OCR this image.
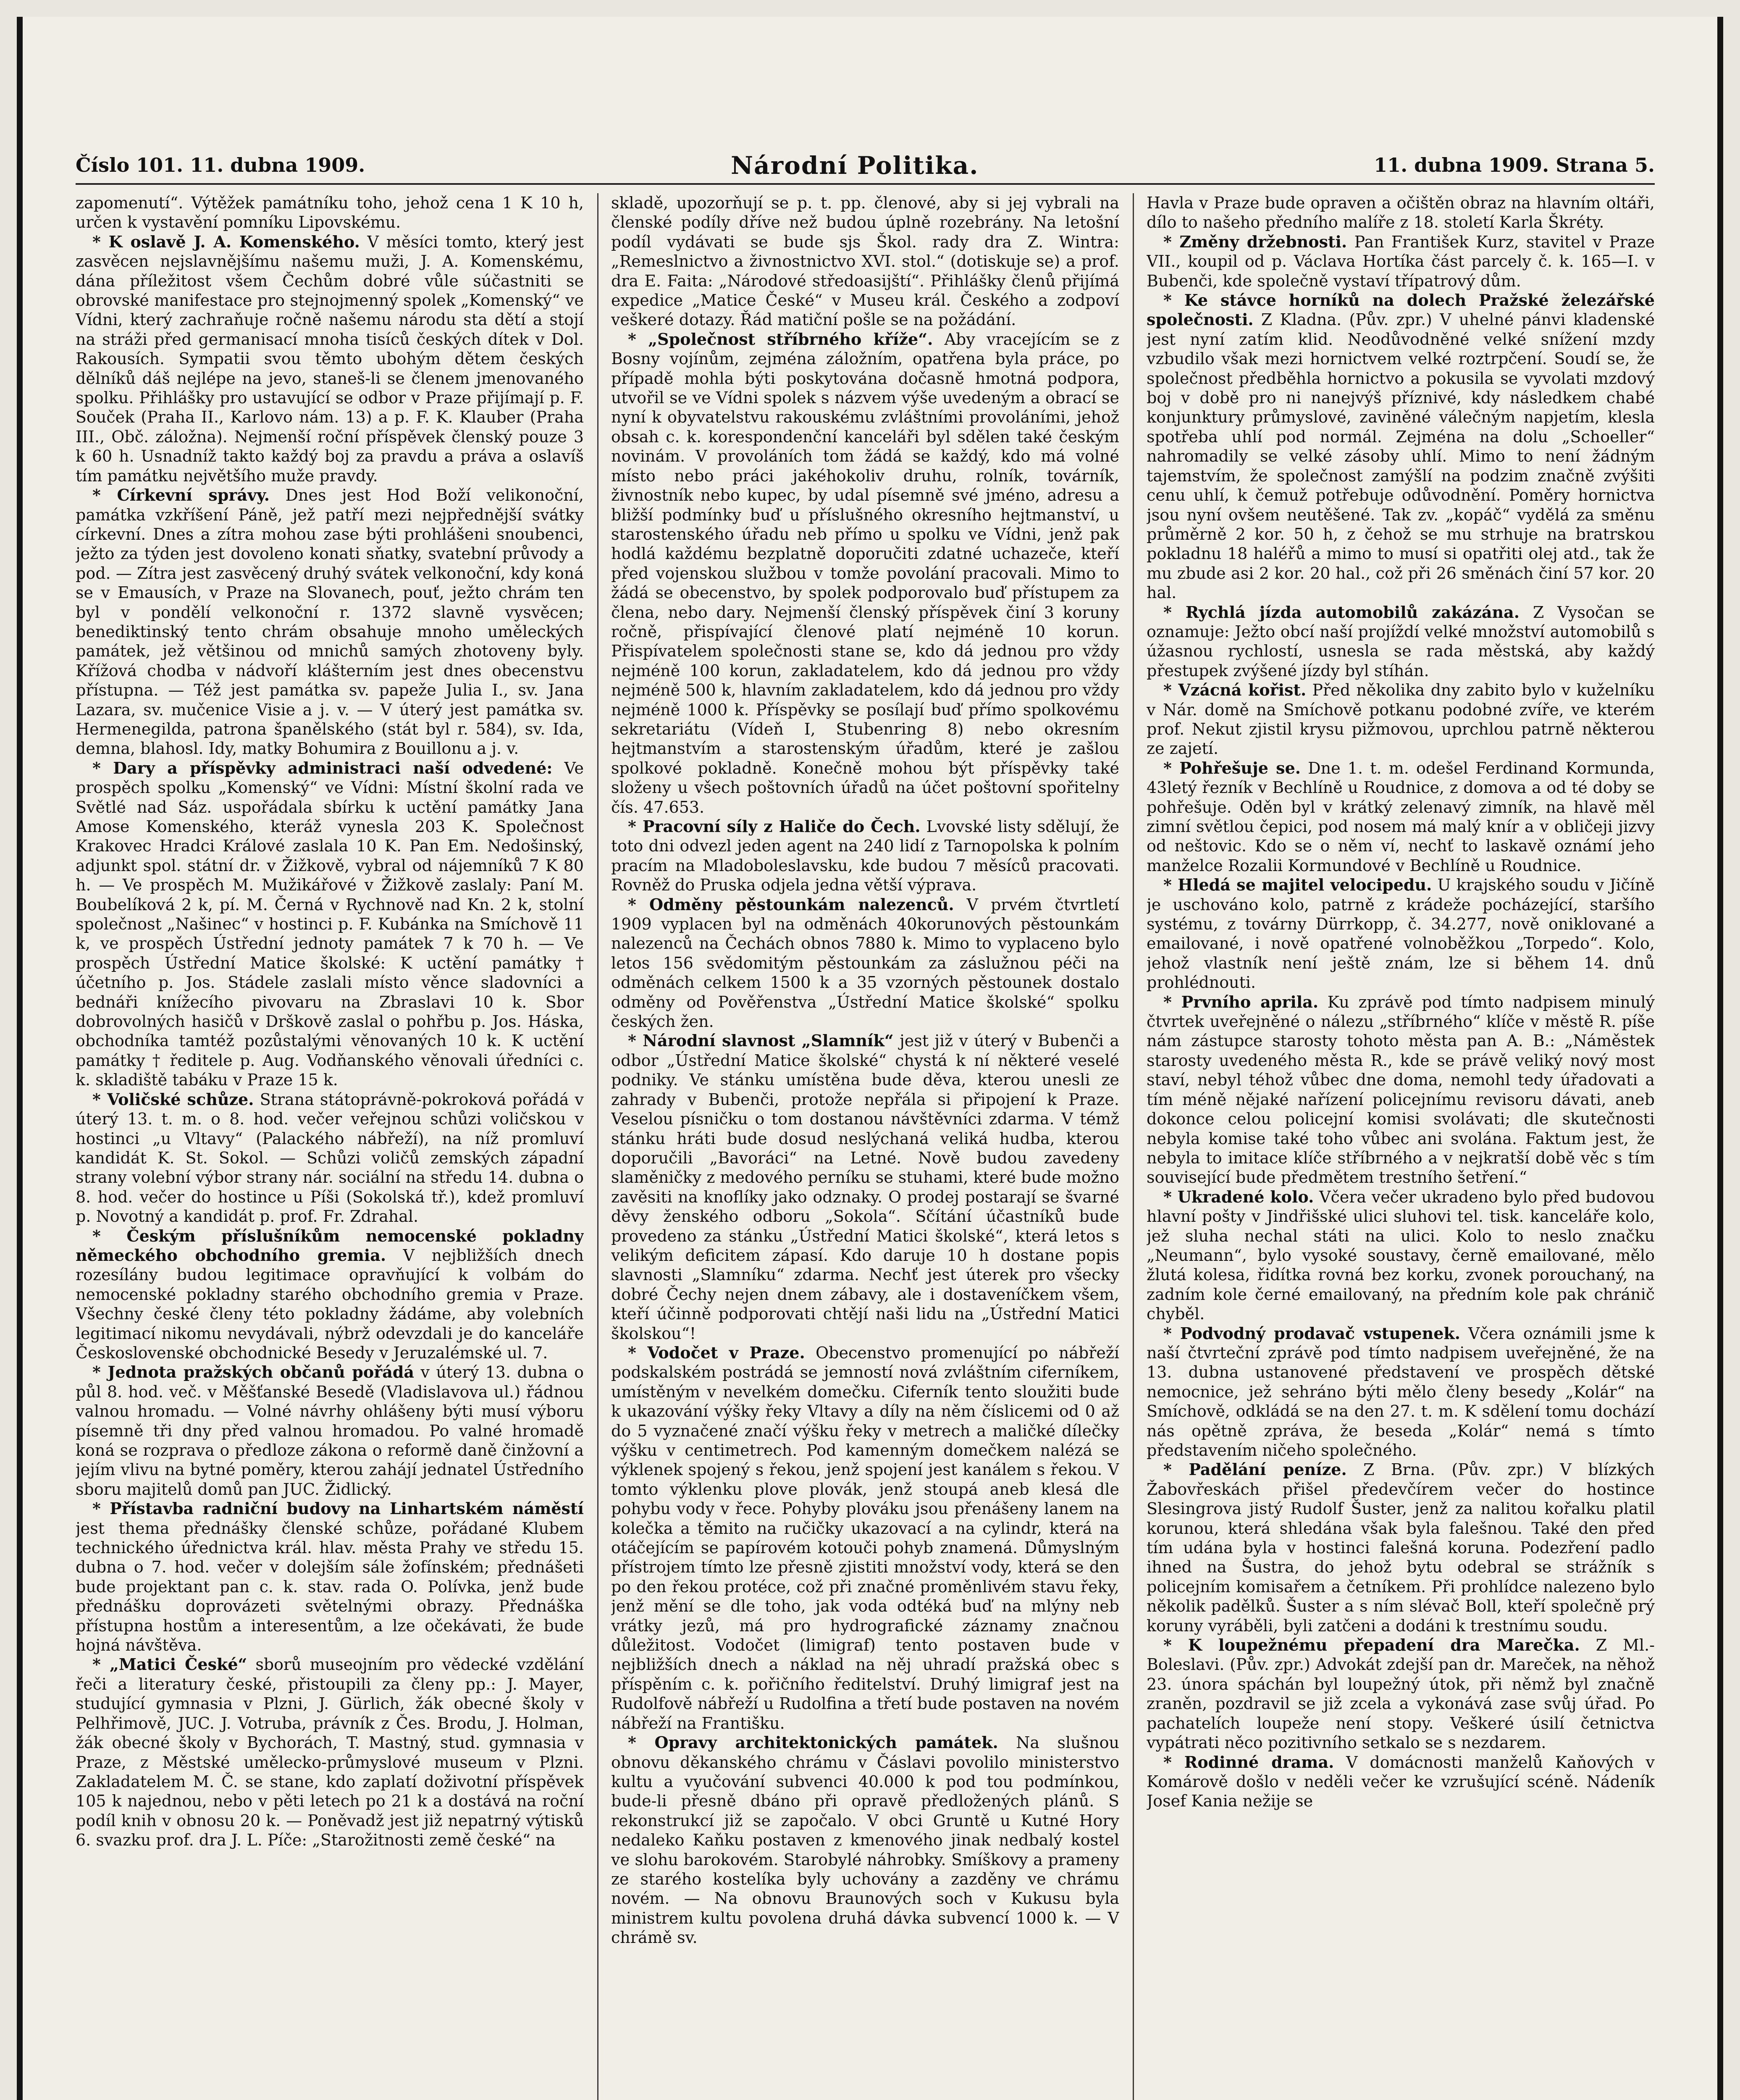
Číslo 101. 11. dubna 1909.	Národní Politika.	11. dubna 1909. Strana 5.

zapomenutí“. Výtěžek památníku toho, jehož cena 1 K 10 h, určen k vystavění pomníku Lipovskému.

* K oslavě J. A. Komenského. V měsíci tomto, který jest zasvěcen nejslavnějšímu našemu muži, J. A. Komenskému, dána příležitost všem Čechům dobré vůle súčastniti se obrovské manifestace pro stejnojmenný spolek „Komenský“ ve Vídni, který zachraňuje ročně našemu národu sta dětí a stojí na stráži před germanisací mnoha tisíců českých dítek v Dol. Rakousích. Sympatii svou těmto ubohým dětem českých dělníků dáš nejlépe na jevo, staneš-li se členem jmenovaného spolku. Přihlášky pro ustavující se odbor v Praze přijímají p. F. Souček (Praha II., Karlovo nám. 13) a p. F. K. Klauber (Praha III., Obč. záložna). Nejmenší roční příspěvek členský pouze 3 k 60 h. Usnadníž takto každý boj za pravdu a práva a oslavíš tím památku největšího muže pravdy.

* Církevní správy. Dnes jest Hod Boží velikonoční, památka vzkříšení Páně, jež patří mezi nejpřednější svátky církevní. Dnes a zítra mohou zase býti prohlášeni snoubenci, ježto za týden jest dovoleno konati sňatky, svatební průvody a pod. — Zítra jest zasvěcený druhý svátek velkonoční, kdy koná se v Emausích, v Praze na Slovanech, pouť, ježto chrám ten byl v pondělí velkonoční r. 1372 slavně vysvěcen; benediktinský tento chrám obsahuje mnoho uměleckých památek, jež většinou od mnichů samých zhotoveny byly. Křížová chodba v nádvoří klášterním jest dnes obecenstvu přístupna. — Též jest památka sv. papeže Julia I., sv. Jana Lazara, sv. mučenice Visie a j. v. — V úterý jest památka sv. Hermenegilda, patrona španělského (stát byl r. 584), sv. Ida, demna, blahosl. Idy, matky Bohumira z Bouillonu a j. v.

* Dary a příspěvky administraci naší odvedené: Ve prospěch spolku „Komenský“ ve Vídni: Místní školní rada ve Světlé nad Sáz. uspořádala sbírku k uctění památky Jana Amose Komenského, kteráž vynesla 203 K. Společnost Krakovec Hradci Králové zaslala 10 K. Pan Em. Nedošinský, adjunkt spol. státní dr. v Žižkově, vybral od nájemníků 7 K 80 h. — Ve prospěch M. Mužikářové v Žižkově zaslaly: Paní M. Boubelíková 2 k, pí. M. Černá v Rychnově nad Kn. 2 k, stolní společnost „Našinec“ v hostinci p. F. Kubánka na Smíchově 11 k, ve prospěch Ústřední jednoty památek 7 k 70 h. — Ve prospěch Ústřední Matice školské: K uctění památky † účetního p. Jos. Stádele zaslali místo věnce sladovníci a bednáři knížecího pivovaru na Zbraslavi 10 k. Sbor dobrovolných hasičů v Drškově zaslal o pohřbu p. Jos. Háska, obchodníka tamtéž pozůstalými věnovaných 10 k. K uctění památky † ředitele p. Aug. Vodňanského věnovali úředníci c. k. skladiště tabáku v Praze 15 k.

* Voličské schůze. Strana státoprávně-pokroková pořádá v úterý 13. t. m. o 8. hod. večer veřejnou schůzi voličskou v hostinci „u Vltavy“ (Palackého nábřeží), na níž promluví kandidát K. St. Sokol. — Schůzi voličů zemských západní strany volební výbor strany nár. sociální na středu 14. dubna o 8. hod. večer do hostince u Píši (Sokolská tř.), kdež promluví p. Novotný a kandidát p. prof. Fr. Zdrahal.

* Českým příslušníkům nemocenské pokladny německého obchodního gremia. V nejbližších dnech rozesílány budou legitimace opravňující k volbám do nemocenské pokladny starého obchodního gremia v Praze. Všechny české členy této pokladny žádáme, aby volebních legitimací nikomu nevydávali, nýbrž odevzdali je do kanceláře Československé obchodnické Besedy v Jeruzalémské ul. 7.

* Jednota pražských občanů pořádá v úterý 13. dubna o půl 8. hod. več. v Měšťanské Besedě (Vladislavova ul.) řádnou valnou hromadu. — Volné návrhy ohlášeny býti musí výboru písemně tři dny před valnou hromadou. Po valné hromadě koná se rozprava o předloze zákona o reformě daně činžovní a jejím vlivu na bytné poměry, kterou zahájí jednatel Ústředního sboru majitelů domů pan JUC. Židlický.

* Přístavba radniční budovy na Linhartském náměstí jest thema přednášky členské schůze, pořádané Klubem technického úřednictva král. hlav. města Prahy ve středu 15. dubna o 7. hod. večer v dolejším sále žofínském; přednášeti bude projektant pan c. k. stav. rada O. Polívka, jenž bude přednášku doprovázeti světelnými obrazy. Přednáška přístupna hostům a interesentům, a lze očekávati, že bude hojná návštěva.

* „Matici České“ sborů museojním pro vědecké vzdělání řeči a literatury české, přistoupili za členy pp.: J. Mayer, studující gymnasia v Plzni, J. Gürlich, žák obecné školy v Pelhřimově, JUC. J. Votruba, právník z Čes. Brodu, J. Holman, žák obecné školy v Bychorách, T. Mastný, stud. gymnasia v Praze, z Městské umělecko-průmyslové museum v Plzni. Zakladatelem M. Č. se stane, kdo zaplatí doživotní příspěvek 105 k najednou, nebo v pěti letech po 21 k a dostává na roční podíl knih v obnosu 20 k. — Poněvadž jest již nepatrný výtisků 6. svazku prof. dra J. L. Píče: „Starožitnosti země české“ na

skladě, upozorňují se p. t. pp. členové, aby si jej vybrali na členské podíly dříve než budou úplně rozebrány. Na letošní podíl vydávati se bude sjs Škol. rady dra Z. Wintra: „Remeslnictvo a živnostnictvo XVI. stol.“ (dotiskuje se) a prof. dra E. Faita: „Národové středoasijští“. Přihlášky členů přijímá expedice „Matice České“ v Museu král. Českého a zodpoví veškeré dotazy. Řád matiční pošle se na požádání.

* „Společnost stříbrného kříže“. Aby vracejícím se z Bosny vojínům, zejména záložním, opatřena byla práce, po případě mohla býti poskytována dočasně hmotná podpora, utvořil se ve Vídni spolek s názvem výše uvedeným a obrací se nyní k obyvatelstvu rakouskému zvláštními provoláními, jehož obsah c. k. korespondenční kanceláři byl sdělen také českým novinám. V provoláních tom žádá se každý, kdo má volné místo nebo práci jakéhokoliv druhu, rolník, továrník, živnostník nebo kupec, by udal písemně své jméno, adresu a bližší podmínky buď u příslušného okresního hejtmanství, u starostenského úřadu neb přímo u spolku ve Vídni, jenž pak hodlá každému bezplatně doporučiti zdatné uchazeče, kteří před vojenskou službou v tomže povolání pracovali. Mimo to žádá se obecenstvo, by spolek podporovalo buď přístupem za člena, nebo dary. Nejmenší členský příspěvek činí 3 koruny ročně, přispívající členové platí nejméně 10 korun. Přispívatelem společnosti stane se, kdo dá jednou pro vždy nejméně 100 korun, zakladatelem, kdo dá jednou pro vždy nejméně 500 k, hlavním zakladatelem, kdo dá jednou pro vždy nejméně 1000 k. Příspěvky se posílají buď přímo spolkovému sekretariátu (Vídeň I, Stubenring 8) nebo okresním hejtmanstvím a starostenským úřadům, které je zašlou spolkové pokladně. Konečně mohou být příspěvky také složeny u všech poštovních úřadů na účet poštovní spořitelny čís. 47.653.

* Pracovní síly z Haliče do Čech. Lvovské listy sdělují, že toto dni odvezl jeden agent na 240 lidí z Tarnopolska k polním pracím na Mladoboleslavsku, kde budou 7 měsíců pracovati. Rovněž do Pruska odjela jedna větší výprava.

* Odměny pěstounkám nalezenců. V prvém čtvrtletí 1909 vyplacen byl na odměnách 40korunových pěstounkám nalezenců na Čechách obnos 7880 k. Mimo to vyplaceno bylo letos 156 svědomitým pěstounkám za záslužnou péči na odměnách celkem 1500 k a 35 vzorných pěstounek dostalo odměny od Pověřenstva „Ústřední Matice školské“ spolku českých žen.

* Národní slavnost „Slamník“ jest již v úterý v Bubenči a odbor „Ústřední Matice školské“ chystá k ní některé veselé podniky. Ve stánku umístěna bude děva, kterou unesli ze zahrady v Bubenči, protože nepřála si připojení k Praze. Veselou písničku o tom dostanou návštěvníci zdarma. V témž stánku hráti bude dosud neslýchaná veliká hudba, kterou doporučili „Bavoráci“ na Letné. Nově budou zavedeny slaměničky z medového perníku se stuhami, které bude možno zavěsiti na knoflíky jako odznaky. O prodej postarají se švarné děvy ženského odboru „Sokola“. Sčítání účastníků bude provedeno za stánku „Ústřední Matici školské“, která letos s velikým deficitem zápasí. Kdo daruje 10 h dostane popis slavnosti „Slamníku“ zdarma. Nechť jest úterek pro všecky dobré Čechy nejen dnem zábavy, ale i dostaveníčkem všem, kteří účinně podporovati chtějí naši lidu na „Ústřední Matici školskou“!

* Vodočet v Praze. Obecenstvo promenující po nábřeží podskalském postrádá se jemností nová zvláštním ciferníkem, umístěným v nevelkém domečku. Ciferník tento sloužiti bude k ukazování výšky řeky Vltavy a díly na něm číslicemi od 0 až do 5 vyznačené značí výšku řeky v metrech a maličké dílečky výšku v centimetrech. Pod kamenným domečkem nalézá se výklenek spojený s řekou, jenž spojení jest kanálem s řekou. V tomto výklenku plove plovák, jenž stoupá aneb klesá dle pohybu vody v řece. Pohyby plováku jsou přenášeny lanem na kolečka a těmito na ručičky ukazovací a na cylindr, která na otáčejícím se papírovém kotouči pohyb znamená. Důmyslným přístrojem tímto lze přesně zjistiti množství vody, která se den po den řekou protéce, což při značné proměnlivém stavu řeky, jenž mění se dle toho, jak voda odtéká buď na mlýny neb vrátky jezů, má pro hydrografické záznamy značnou důležitost. Vodočet (limigraf) tento postaven bude v nejbližších dnech a náklad na něj uhradí pražská obec s příspěním c. k. pořičního ředitelství. Druhý limigraf jest na Rudolfově nábřeží u Rudolfina a třetí bude postaven na novém nábřeží na Františku.

* Opravy architektonických památek. Na slušnou obnovu děkanského chrámu v Čáslavi povolilo ministerstvo kultu a vyučování subvenci 40.000 k pod tou podmínkou, bude-li přesně dbáno při opravě předložených plánů. S rekonstrukcí již se započalo. V obci Gruntě u Kutné Hory nedaleko Kaňku postaven z kmenového jinak nedbalý kostel ve slohu barokovém. Starobylé náhrobky. Smíškovy a prameny ze starého kostelíka byly uchovány a zazděny ve chrámu novém. — Na obnovu Braunových soch v Kukusu byla ministrem kultu povolena druhá dávka subvencí 1000 k. — V chrámě sv.

Havla v Praze bude opraven a očištěn obraz na hlavním oltáři, dílo to našeho předního malíře z 18. století Karla Škréty.

* Změny držebnosti. Pan František Kurz, stavitel v Praze VII., koupil od p. Václava Hortíka část parcely č. k. 165—I. v Bubenči, kde společně vystaví třípatrový dům.

* Ke stávce horníků na dolech Pražské železářské společnosti. Z Kladna. (Pův. zpr.) V uhelné pánvi kladenské jest nyní zatím klid. Neodůvodněné velké snížení mzdy vzbudilo však mezi hornictvem velké roztrpčení. Soudí se, že společnost předběhla hornictvo a pokusila se vyvolati mzdový boj v době pro ni nanejvýš příznivé, kdy následkem chabé konjunktury průmyslové, zaviněné válečným napjetím, klesla spotřeba uhlí pod normál. Zejména na dolu „Schoeller“ nahromadily se velké zásoby uhlí. Mimo to není žádným tajemstvím, že společnost zamýšlí na podzim značně zvýšiti cenu uhlí, k čemuž potřebuje odůvodnění. Poměry hornictva jsou nyní ovšem neutěšené. Tak zv. „kopáč“ vydělá za směnu průměrně 2 kor. 50 h, z čehož se mu strhuje na bratrskou pokladnu 18 haléřů a mimo to musí si opatřiti olej atd., tak že mu zbude asi 2 kor. 20 hal., což při 26 směnách činí 57 kor. 20 hal.

* Rychlá jízda automobilů zakázána. Z Vysočan se oznamuje: Ježto obcí naší projíždí velké množství automobilů s úžasnou rychlostí, usnesla se rada městská, aby každý přestupek zvýšené jízdy byl stíhán.

* Vzácná kořist. Před několika dny zabito bylo v kuželníku v Nár. domě na Smíchově potkanu podobné zvíře, ve kterém prof. Nekut zjistil krysu pižmovou, uprchlou patrně některou ze zajetí.

* Pohřešuje se. Dne 1. t. m. odešel Ferdinand Kormunda, 43letý řezník v Bechlíně u Roudnice, z domova a od té doby se pohřešuje. Oděn byl v krátký zelenavý zimník, na hlavě měl zimní světlou čepici, pod nosem má malý knír a v obličeji jizvy od neštovic. Kdo se o něm ví, nechť to laskavě oznámí jeho manželce Rozalii Kormundové v Bechlíně u Roudnice.

* Hledá se majitel velocipedu. U krajského soudu v Jičíně je uschováno kolo, patrně z krádeže pocházející, staršího systému, z továrny Dürrkopp, č. 34.277, nově oniklované a emailované, i nově opatřené volnoběžkou „Torpedo“. Kolo, jehož vlastník není ještě znám, lze si během 14. dnů prohlédnouti.

* Prvního aprila. Ku zprávě pod tímto nadpisem minulý čtvrtek uveřejněné o nálezu „stříbrného“ klíče v městě R. píše nám zástupce starosty tohoto města pan A. B.: „Náměstek starosty uvedeného města R., kde se právě veliký nový most staví, nebyl téhož vůbec dne doma, nemohl tedy úřadovati a tím méně nějaké nařízení policejnímu revisoru dávati, aneb dokonce celou policejní komisi svolávati; dle skutečnosti nebyla komise také toho vůbec ani svolána. Faktum jest, že nebyla to imitace klíče stříbrného a v nejkratší době věc s tím související bude předmětem trestního šetření.“

* Ukradené kolo. Včera večer ukradeno bylo před budovou hlavní pošty v Jindřišské ulici sluhovi tel. tisk. kanceláře kolo, jež sluha nechal státi na ulici. Kolo to neslo značku „Neumann“, bylo vysoké soustavy, černě emailované, mělo žlutá kolesa, řidítka rovná bez korku, zvonek porouchaný, na zadním kole černé emailovaný, na předním kole pak chránič chyběl.

* Podvodný prodavač vstupenek. Včera oznámili jsme k naší čtvrteční zprávě pod tímto nadpisem uveřejněné, že na 13. dubna ustanovené představení ve prospěch dětské nemocnice, jež sehráno býti mělo členy besedy „Kolár“ na Smíchově, odkládá se na den 27. t. m. K sdělení tomu dochází nás opětně zpráva, že beseda „Kolár“ nemá s tímto představením ničeho společného.

* Padělání peníze. Z Brna. (Pův. zpr.) V blízkých Žabovřeskách přišel předevčírem večer do hostince Slesingrova jistý Rudolf Šuster, jenž za nalitou kořalku platil korunou, která shledána však byla falešnou. Také den před tím udána byla v hostinci falešná koruna. Podezření padlo ihned na Šustra, do jehož bytu odebral se strážník s policejním komisařem a četníkem. Při prohlídce nalezeno bylo několik padělků. Šuster a s ním slévač Boll, kteří společně prý koruny vyráběli, byli zatčeni a dodáni k trestnímu soudu.

* K loupežnému přepadení dra Marečka. Z Ml.-Boleslavi. (Pův. zpr.) Advokát zdejší pan dr. Mareček, na něhož 23. února spáchán byl loupežný útok, při němž byl značně zraněn, pozdravil se již zcela a vykonává zase svůj úřad. Po pachatelích loupeže není stopy. Veškeré úsilí četnictva vypátrati něco pozitivního setkalo se s nezdarem.

* Rodinné drama. V domácnosti manželů Kaňových v Komárově došlo v neděli večer ke vzrušující scéně. Nádeník Josef Kania nežije se
